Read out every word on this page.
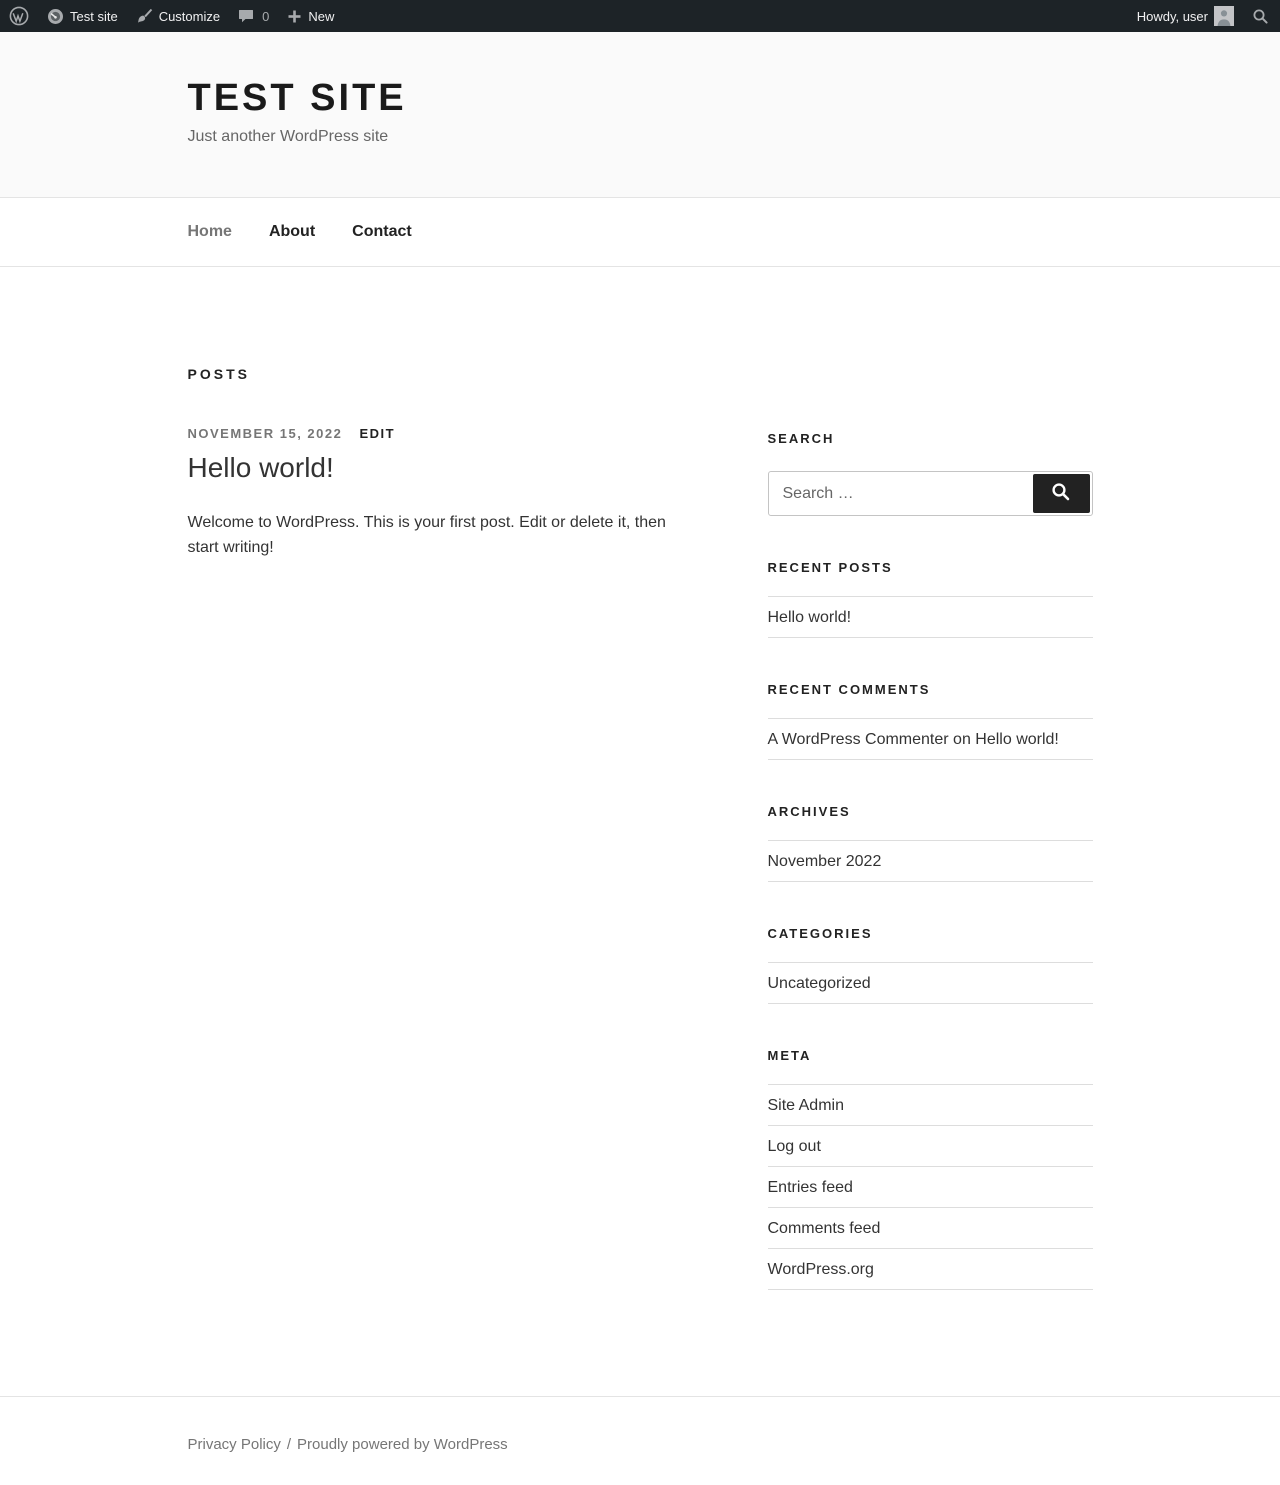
Test site	Customize	0	New	Howdy, user
TEST SITE
Just another WordPress site
Home About Contact
POSTS
NOVEMBER 15, 2022 EDIT
Hello world!

Welcome to WordPress. This is your first post. Edit or delete it, then start writing!

SEARCH
Search …
RECENT POSTS
Hello world!
RECENT COMMENTS
A WordPress Commenter on Hello world!
ARCHIVES
November 2022
CATEGORIES
Uncategorized
META
Site Admin
Log out
Entries feed
Comments feed
WordPress.org
Privacy Policy / Proudly powered by WordPress
